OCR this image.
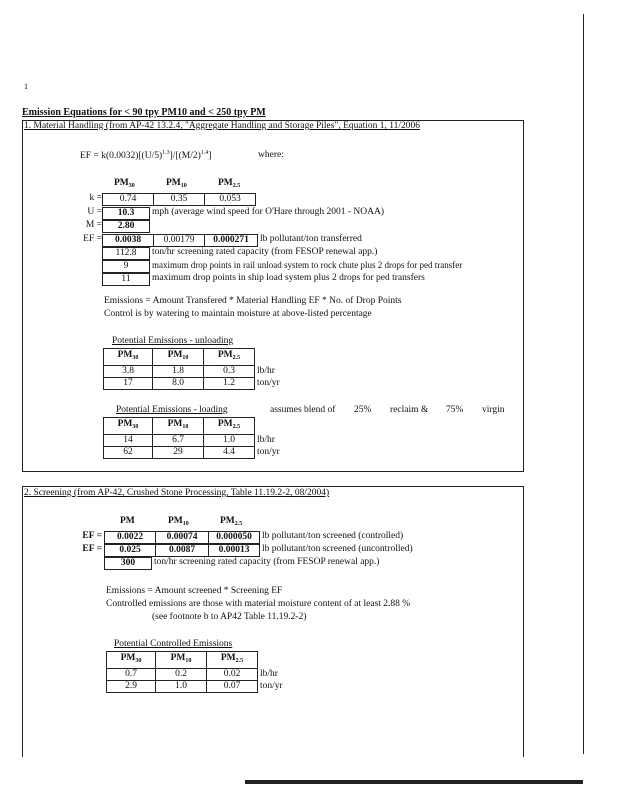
1
Emission Equations for < 90 tpy PM10 and < 250 tpy PM
1. Material Handling (from AP-42 13.2.4, "Aggregate Handling and Storage Piles", Equation 1, 11/2006
EF = $k(0.0032)[(U/5)^{1.3}]/[(M/2)^{1.4}]$	where:
$PM_{30}$	$PM_{10}$	$PM_{2.5}$
k =	0.74	0.35	0.053
U =	10.3	mph (average wind speed for O'Hare through 2001 - NOAA)
M =	2.80
EF =	0.0038	0.00179	0.000271	lb pollutant/ton transferred
112.8	ton/hr screening rated capacity (from FESOP renewal app.)
9	maximum drop points in rail unload system to rock chute plus 2 drops for ped transfer
11	maximum drop points in ship load system plus 2 drops for ped transfers
Emissions = Amount Transfered * Material Handling EF * No. of Drop Points
Control is by watering to maintain moisture at above-listed percentage
Potential Emissions - unloading
$PM_{30}$	$PM_{10}$	$PM_{2.5}$	
3.8	1.8	0.3	lb/hr
17	8.0	1.2	ton/yr
Potential Emissions - loading	assumes blend of 25% reclaim & 75% virgin
$PM_{30}$	$PM_{10}$	$PM_{2.5}$	
14	6.7	1.0	lb/hr
62	29	4.4	ton/yr
2. Screening (from AP-42, Crushed Stone Processing, Table 11.19.2-2, 08/2004)
PM	$PM_{10}$	$PM_{2.5}$
EF =	0.0022	0.00074	0.000050	lb pollutant/ton screened (controlled)
EF =	0.025	0.0087	0.00013	lb pollutant/ton screened (uncontrolled)
300	ton/hr screening rated capacity (from FESOP renewal app.)
Emissions = Amount screened * Screening EF
Controlled emissions are those with material moisture content of at least 2.88 %
(see footnote b to AP42 Table 11.19.2-2)
Potential Controlled Emissions
$PM_{30}$	$PM_{10}$	$PM_{2.5}$	
0.7	0.2	0.02	lb/hr
2.9	1.0	0.07	ton/yr
